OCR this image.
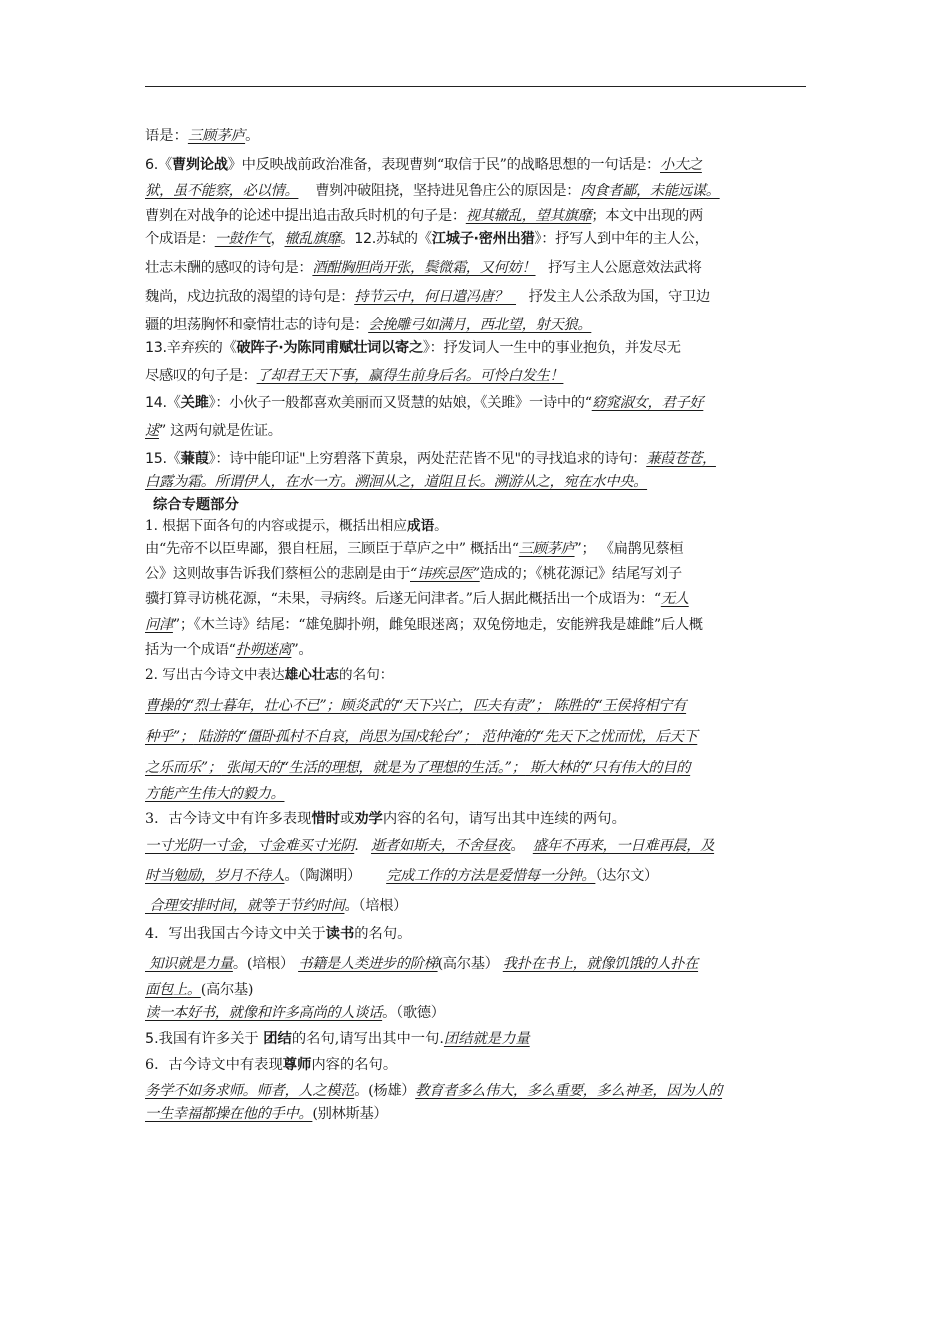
语是：三顾茅庐。
6.《曹刿论战》中反映战前政治准备，表现曹刿“取信于民”的战略思想的一句话是：小大之
狱，虽不能察，必以情。    曹刿冲破阻挠，坚持进见鲁庄公的原因是：肉食者鄙，未能远谋。
曹刿在对战争的论述中提出追击敌兵时机的句子是：视其辙乱，望其旗靡；本文中出现的两
个成语是：一鼓作气，辙乱旗靡。12.苏轼的《江城子·密州出猎》：抒写人到中年的主人公，
壮志未酬的感叹的诗句是：酒酣胸胆尚开张，鬓微霜，又何妨！   抒写主人公愿意效法武将
魏尚，戍边抗敌的渴望的诗句是：持节云中，何日遣冯唐？     抒发主人公杀敌为国，守卫边
疆的坦荡胸怀和豪情壮志的诗句是：会挽雕弓如满月，西北望，射天狼。
13.辛弃疾的《破阵子·为陈同甫赋壮词以寄之》：抒发词人一生中的事业抱负，并发尽无
尽感叹的句子是：了却君王天下事，赢得生前身后名。可怜白发生！
14.《关雎》：小伙子一般都喜欢美丽而又贤慧的姑娘，《关雎》一诗中的“窈窕淑女，君子好
逑” 这两句就是佐证。
15.《蒹葭》：诗中能印证"上穷碧落下黄泉，两处茫茫皆不见"的寻找追求的诗句：蒹葭苍苍，
白露为霜。所谓伊人，在水一方。溯洄从之，道阻且长。溯游从之，宛在水中央。
综合专题部分
1. 根据下面各句的内容或提示，概括出相应成语。
由“先帝不以臣卑鄙，猥自枉屈，三顾臣于草庐之中” 概括出“三顾茅庐”； 《扁鹊见蔡桓
公》这则故事告诉我们蔡桓公的悲剧是由于“讳疾忌医”造成的；《桃花源记》结尾写刘子
骥打算寻访桃花源，“未果，寻病终。后遂无问津者。”后人据此概括出一个成语为：“无人
问津”；《木兰诗》结尾：“雄兔脚扑朔，雌兔眼迷离；双兔傍地走，安能辨我是雄雌”后人概
括为一个成语“扑朔迷离”。
2. 写出古今诗文中表达雄心壮志的名句：
曹操的“烈士暮年，壮心不已”；顾炎武的“天下兴亡，匹夫有责”； 陈胜的“王侯将相宁有
种乎”； 陆游的“僵卧孤村不自哀，尚思为国戍轮台”； 范仲淹的“先天下之忧而忧，后天下
之乐而乐”； 张闻天的“生活的理想，就是为了理想的生活。”； 斯大林的“只有伟大的目的
方能产生伟大的毅力。
3．古今诗文中有许多表现惜时或劝学内容的名句，请写出其中连续的两句。
一寸光阴一寸金，寸金难买寸光阴.   逝者如斯夫，不舍昼夜。  盛年不再来，一日难再晨，及
时当勉励，岁月不待人。（陶渊明）      完成工作的方法是爱惜每一分钟。（达尔文）
合理安排时间，就等于节约时间。（培根）
4．写出我国古今诗文中关于读书的名句。
知识就是力量。(培根） 书籍是人类进步的阶梯(高尔基） 我扑在书上，就像饥饿的人扑在
面包上。(高尔基)
读一本好书，就像和许多高尚的人谈话。（歌德）
5.我国有许多关于 团结的名句,请写出其中一句.团结就是力量
6．古今诗文中有表现尊师内容的名句。
务学不如务求师。师者，人之模范。(杨雄）教育者多么伟大，多么重要，多么神圣，因为人的
一生幸福都操在他的手中。(别林斯基）
